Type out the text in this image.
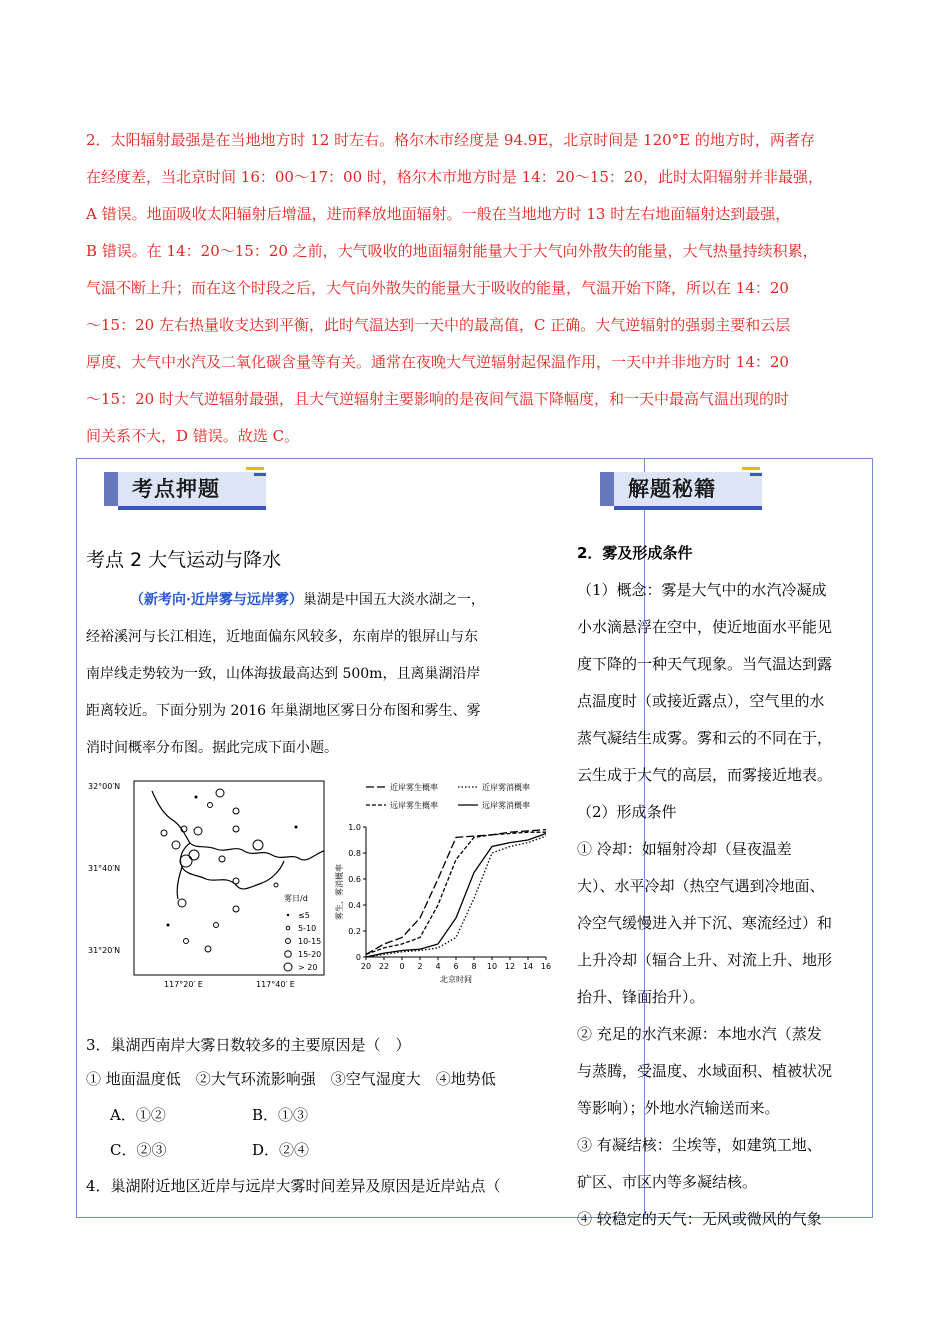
2．太阳辐射最强是在当地地方时 12 时左右。格尔木市经度是 94.9E，北京时间是 120°E 的地方时，两者存

在经度差，当北京时间 16：00～17：00 时，格尔木市地方时是 14：20～15：20，此时太阳辐射并非最强，

A 错误。地面吸收太阳辐射后增温，进而释放地面辐射。一般在当地地方时 13 时左右地面辐射达到最强，

B 错误。在 14：20～15：20 之前，大气吸收的地面辐射能量大于大气向外散失的能量，大气热量持续积累，

气温不断上升；而在这个时段之后，大气向外散失的能量大于吸收的能量，气温开始下降，所以在 14：20

～15：20 左右热量收支达到平衡，此时气温达到一天中的最高值，C 正确。大气逆辐射的强弱主要和云层

厚度、大气中水汽及二氧化碳含量等有关。通常在夜晚大气逆辐射起保温作用，一天中并非地方时 14：20

～15：20 时大气逆辐射最强，且大气逆辐射主要影响的是夜间气温下降幅度，和一天中最高气温出现的时

间关系不大，D 错误。故选 C。

考点押题	解题秘籍
考点 2 大气运动与降水

（新考向·近岸雾与远岸雾）巢湖是中国五大淡水湖之一，

经裕溪河与长江相连，近地面偏东风较多，东南岸的银屏山与东
南岸线走势较为一致，山体海拔最高达到 500m，且离巢湖沿岸
距离较近。下面分别为 2016 年巢湖地区雾日分布图和雾生、雾
消时间概率分布图。据此完成下面小题。
32°00′N
31°40′N
31°20′N
117°20′ E	117°40′ E
雾日/d
≤5
5-10
10-15
15-20
> 20	20 22 0 2 4 6 8 10 12 14 16
1.0
0.8
0.6
0.4
0.2
0
北京时间
雾生、雾消概率
近岸雾生概率	近岸雾消概率
远岸雾生概率	远岸雾消概率
3．巢湖西南岸大雾日数较多的主要原因是（　）
① 地面温度低　②大气环流影响强　③空气湿度大　④地势低
A．①②	B．①③
C．②③	D．②④
4．巢湖附近地区近岸与远岸大雾时间差异及原因是近岸站点（

2．雾及形成条件

（1）概念：雾是大气中的水汽冷凝成

小水滴悬浮在空中，使近地面水平能见

度下降的一种天气现象。当气温达到露

点温度时（或接近露点），空气里的水

蒸气凝结生成雾。雾和云的不同在于，

云生成于大气的高层，而雾接近地表。

（2）形成条件

① 冷却：如辐射冷却（昼夜温差

大）、水平冷却（热空气遇到冷地面、

冷空气缓慢进入并下沉、寒流经过）和

上升冷却（辐合上升、对流上升、地形

抬升、锋面抬升）。

② 充足的水汽来源：本地水汽（蒸发

与蒸腾，受温度、水域面积、植被状况

等影响）；外地水汽输送而来。

③ 有凝结核：尘埃等，如建筑工地、

矿区、市区内等多凝结核。

④ 较稳定的天气：无风或微风的气象
